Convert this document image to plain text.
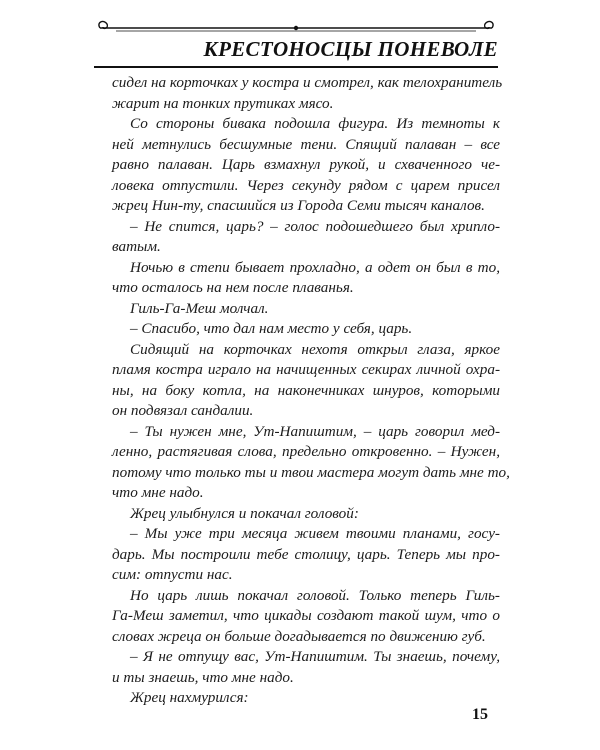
КРЕСТОНОСЦЫ ПОНЕВОЛЕ
сидел на корточках у костра и смотрел, как телохранитель
жарит на тонких прутиках мясо.
Со стороны бивака подошла фигура. Из темноты к
ней метнулись бесшумные тени. Спящий палаван – все
равно палаван. Царь взмахнул рукой, и схваченного че-
ловека отпустили. Через секунду рядом с царем присел
жрец Нин-ту, спасшийся из Города Семи тысяч каналов.
– Не спится, царь? – голос подошедшего был хрипло-
ватым.
Ночью в степи бывает прохладно, а одет он был в то,
что осталось на нем после плаванья.
Гиль-Га-Меш молчал.
– Спасибо, что дал нам место у себя, царь.
Сидящий на корточках нехотя открыл глаза, яркое
пламя костра играло на начищенных секирах личной охра-
ны, на боку котла, на наконечниках шнуров, которыми
он подвязал сандалии.
– Ты нужен мне, Ут-Напиштим, – царь говорил мед-
ленно, растягивая слова, предельно откровенно. – Нужен,
потому что только ты и твои мастера могут дать мне то,
что мне надо.
Жрец улыбнулся и покачал головой:
– Мы уже три месяца живем твоими планами, госу-
дарь. Мы построили тебе столицу, царь. Теперь мы про-
сим: отпусти нас.
Но царь лишь покачал головой. Только теперь Гиль-
Га-Меш заметил, что цикады создают такой шум, что о
словах жреца он больше догадывается по движению губ.
– Я не отпущу вас, Ут-Напиштим. Ты знаешь, почему,
и ты знаешь, что мне надо.
Жрец нахмурился:
15
